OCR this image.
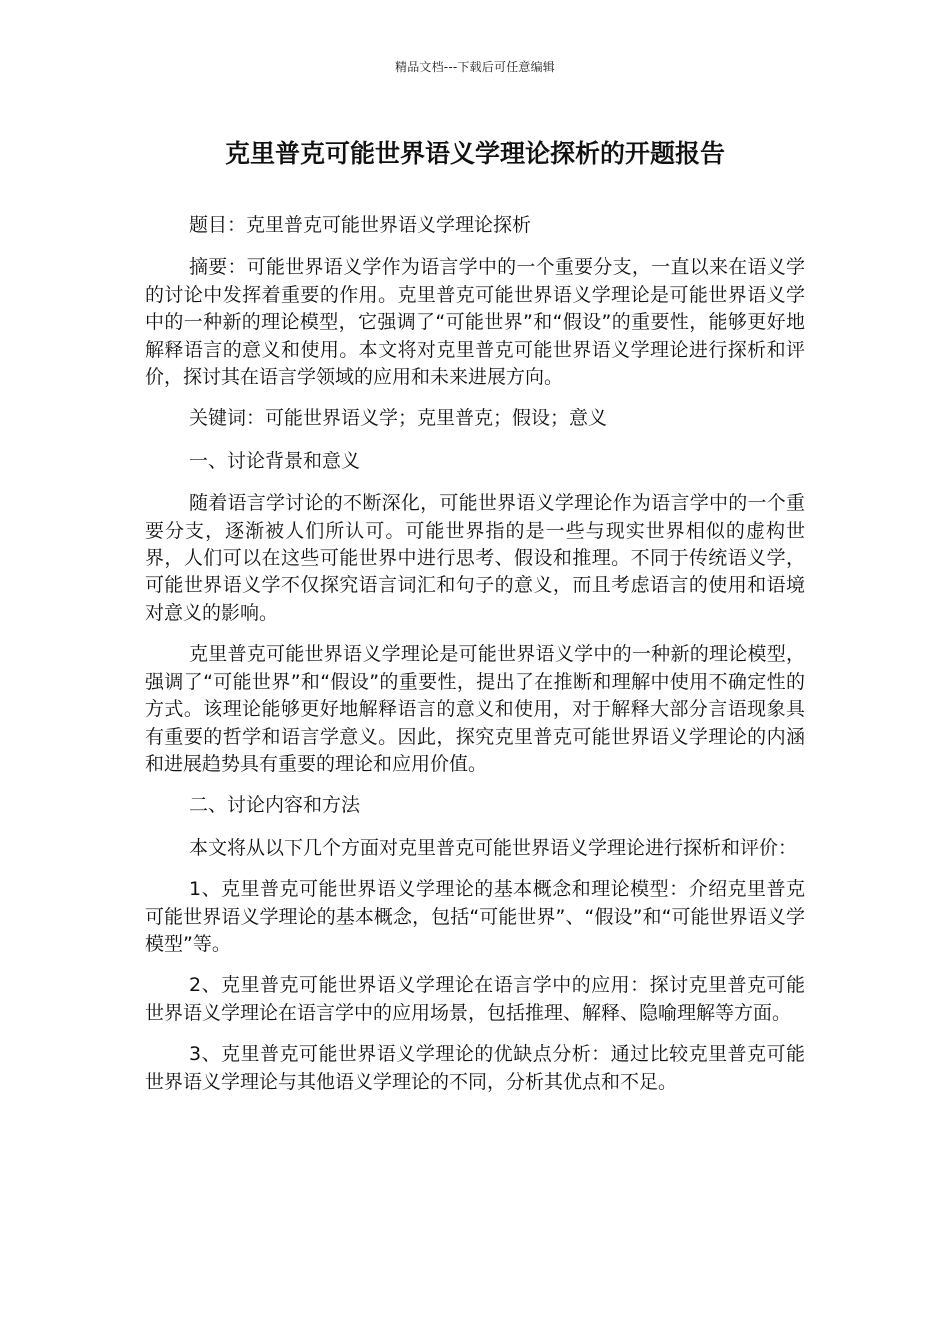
精品文档---下载后可任意编辑
克里普克可能世界语义学理论探析的开题报告

题目：克里普克可能世界语义学理论探析

摘要：可能世界语义学作为语言学中的一个重要分支，一直以来在语义学的讨论中发挥着重要的作用。克里普克可能世界语义学理论是可能世界语义学中的一种新的理论模型，它强调了“可能世界”和“假设”的重要性，能够更好地解释语言的意义和使用。本文将对克里普克可能世界语义学理论进行探析和评价，探讨其在语言学领域的应用和未来进展方向。

关键词：可能世界语义学；克里普克；假设；意义

一、讨论背景和意义

随着语言学讨论的不断深化，可能世界语义学理论作为语言学中的一个重要分支，逐渐被人们所认可。可能世界指的是一些与现实世界相似的虚构世界，人们可以在这些可能世界中进行思考、假设和推理。不同于传统语义学，可能世界语义学不仅探究语言词汇和句子的意义，而且考虑语言的使用和语境对意义的影响。

克里普克可能世界语义学理论是可能世界语义学中的一种新的理论模型，强调了“可能世界”和“假设”的重要性，提出了在推断和理解中使用不确定性的方式。该理论能够更好地解释语言的意义和使用，对于解释大部分言语现象具有重要的哲学和语言学意义。因此，探究克里普克可能世界语义学理论的内涵和进展趋势具有重要的理论和应用价值。

二、讨论内容和方法

本文将从以下几个方面对克里普克可能世界语义学理论进行探析和评价：

1、克里普克可能世界语义学理论的基本概念和理论模型：介绍克里普克可能世界语义学理论的基本概念，包括“可能世界”、“假设”和“可能世界语义学模型”等。

2、克里普克可能世界语义学理论在语言学中的应用：探讨克里普克可能世界语义学理论在语言学中的应用场景，包括推理、解释、隐喻理解等方面。

3、克里普克可能世界语义学理论的优缺点分析：通过比较克里普克可能世界语义学理论与其他语义学理论的不同，分析其优点和不足。
